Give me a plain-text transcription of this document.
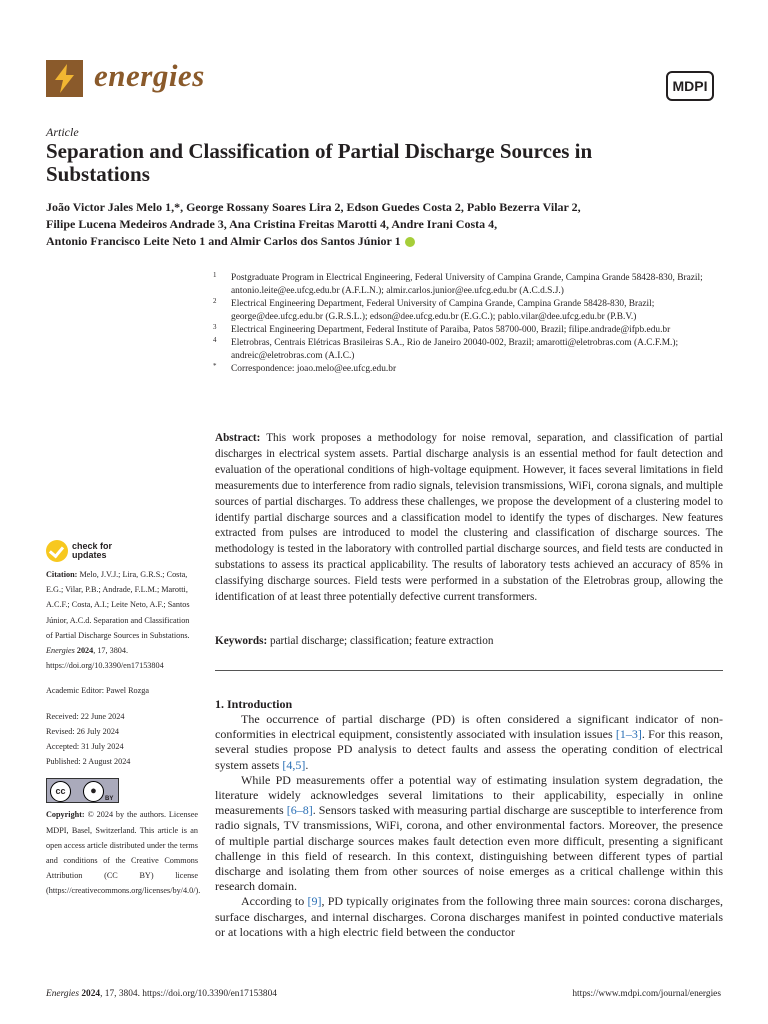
energies	MDPI
Article
Separation and Classification of Partial Discharge Sources in Substations
João Victor Jales Melo 1,*, George Rossany Soares Lira 2, Edson Guedes Costa 2, Pablo Bezerra Vilar 2,
Filipe Lucena Medeiros Andrade 3, Ana Cristina Freitas Marotti 4, Andre Irani Costa 4,
Antonio Francisco Leite Neto 1 and Almir Carlos dos Santos Júnior 1
1 Postgraduate Program in Electrical Engineering, Federal University of Campina Grande, Campina Grande 58428-830, Brazil; antonio.leite@ee.ufcg.edu.br (A.F.L.N.); almir.carlos.junior@ee.ufcg.edu.br (A.C.d.S.J.)
2 Electrical Engineering Department, Federal University of Campina Grande, Campina Grande 58428-830, Brazil; george@dee.ufcg.edu.br (G.R.S.L.); edson@dee.ufcg.edu.br (E.G.C.); pablo.vilar@dee.ufcg.edu.br (P.B.V.)
3 Electrical Engineering Department, Federal Institute of Paraiba, Patos 58700-000, Brazil; filipe.andrade@ifpb.edu.br
4 Eletrobras, Centrais Elétricas Brasileiras S.A., Rio de Janeiro 20040-002, Brazil; amarotti@eletrobras.com (A.C.F.M.); andreic@eletrobras.com (A.I.C.)
* Correspondence: joao.melo@ee.ufcg.edu.br
Abstract: This work proposes a methodology for noise removal, separation, and classification of partial discharges in electrical system assets. Partial discharge analysis is an essential method for fault detection and evaluation of the operational conditions of high-voltage equipment. However, it faces several limitations in field measurements due to interference from radio signals, television transmissions, WiFi, corona signals, and multiple sources of partial discharges. To address these challenges, we propose the development of a clustering model to identify partial discharge sources and a classification model to identify the types of discharges. New features extracted from pulses are introduced to model the clustering and classification of discharge sources. The methodology is tested in the laboratory with controlled partial discharge sources, and field tests are conducted in substations to assess its practical applicability. The results of laboratory tests achieved an accuracy of 85% in classifying discharge sources. Field tests were performed in a substation of the Eletrobras group, allowing the identification of at least three potentially defective current transformers.
Keywords: partial discharge; classification; feature extraction
1. Introduction

The occurrence of partial discharge (PD) is often considered a significant indicator of non-conformities in electrical equipment, consistently associated with insulation issues [1–3]. For this reason, several studies propose PD analysis to detect faults and assess the operating condition of electrical system assets [4,5].

While PD measurements offer a potential way of estimating insulation system degradation, the literature widely acknowledges several limitations to their applicability, especially in online measurements [6–8]. Sensors tasked with measuring partial discharge are susceptible to interference from radio signals, TV transmissions, WiFi, corona, and other environmental factors. Moreover, the presence of multiple partial discharge sources makes fault detection even more difficult, presenting a significant challenge in this field of research. In this context, distinguishing between different types of partial discharge and isolating them from other sources of noise emerges as a critical challenge within this research domain.

According to [9], PD typically originates from the following three main sources: corona discharges, surface discharges, and internal discharges. Corona discharges manifest in pointed conductive materials or at locations with a high electric field between the conductor

check for
updates
Citation: Melo, J.V.J.; Lira, G.R.S.; Costa, E.G.; Vilar, P.B.; Andrade, F.L.M.; Marotti, A.C.F.; Costa, A.I.; Leite Neto, A.F.; Santos Júnior, A.C.d. Separation and Classification of Partial Discharge Sources in Substations. Energies 2024, 17, 3804. https://doi.org/10.3390/en17153804
Academic Editor: Pawel Rozga
Received: 22 June 2024
Revised: 26 July 2024
Accepted: 31 July 2024
Published: 2 August 2024
cc	●
BY
Copyright: © 2024 by the authors. Licensee MDPI, Basel, Switzerland. This article is an open access article distributed under the terms and conditions of the Creative Commons Attribution (CC BY) license (https://creativecommons.org/licenses/by/4.0/).
Energies 2024, 17, 3804. https://doi.org/10.3390/en17153804	https://www.mdpi.com/journal/energies
